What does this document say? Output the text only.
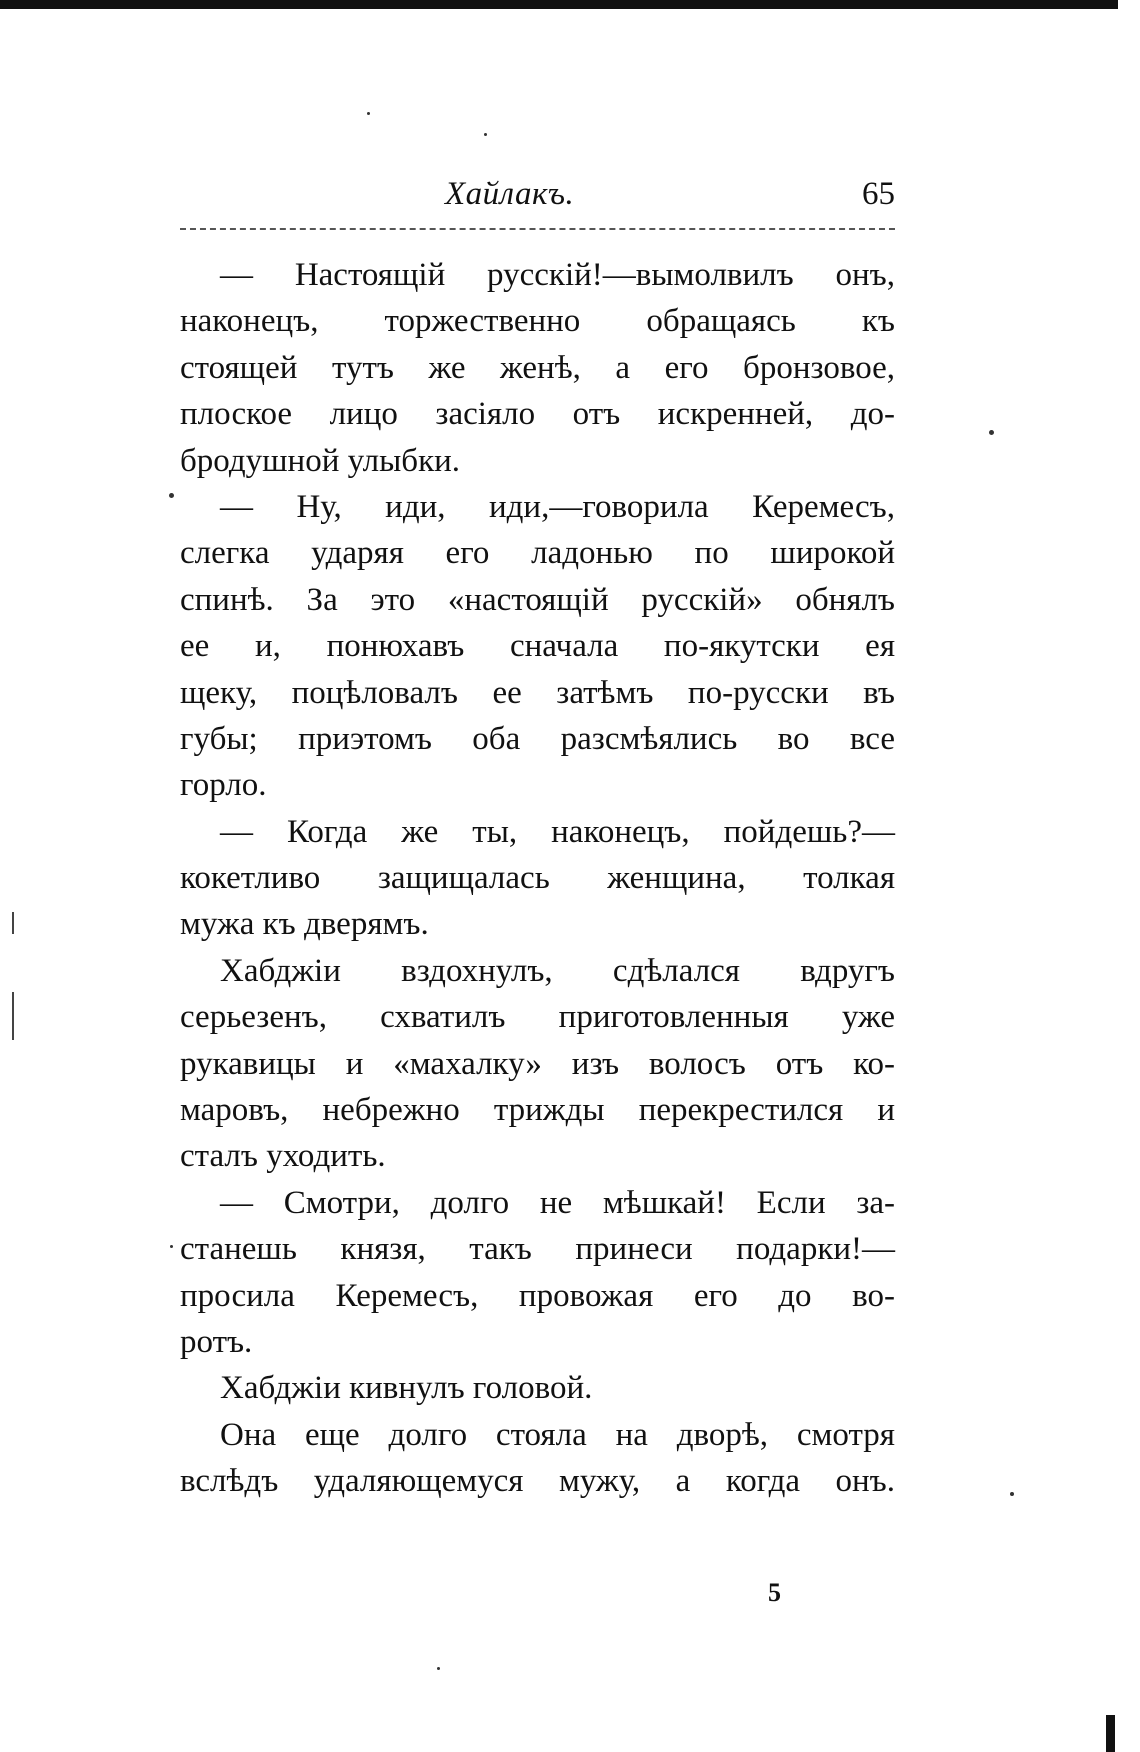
Хайлакъ.	65
— Настоящій русскій!—вымолвилъ онъ,
наконецъ, торжественно обращаясь къ
стоящей тутъ же женѣ, а его бронзовое,
плоское лицо засіяло отъ искренней, до-
бродушной улыбки.
— Ну, иди, иди,—говорила Керемесъ,
слегка ударяя его ладонью по широкой
спинѣ. За это «настоящій русскій» обнялъ
ее и, понюхавъ сначала по-якутски ея
щеку, поцѣловалъ ее затѣмъ по-русски въ
губы; приэтомъ оба разсмѣялись во все
горло.
— Когда же ты, наконецъ, пойдешь?—
кокетливо защищалась женщина, толкая
мужа къ дверямъ.
Хабджіи вздохнулъ, сдѣлался вдругъ
серьезенъ, схватилъ приготовленныя уже
рукавицы и «махалку» изъ волосъ отъ ко-
маровъ, небрежно трижды перекрестился и
сталъ уходить.
— Смотри, долго не мѣшкай! Если за-
станешь князя, такъ принеси подарки!—
просила Керемесъ, провожая его до во-
ротъ.
Хабджіи кивнулъ головой.
Она еще долго стояла на дворѣ, смотря
вслѣдъ удаляющемуся мужу, а когда онъ.
5
